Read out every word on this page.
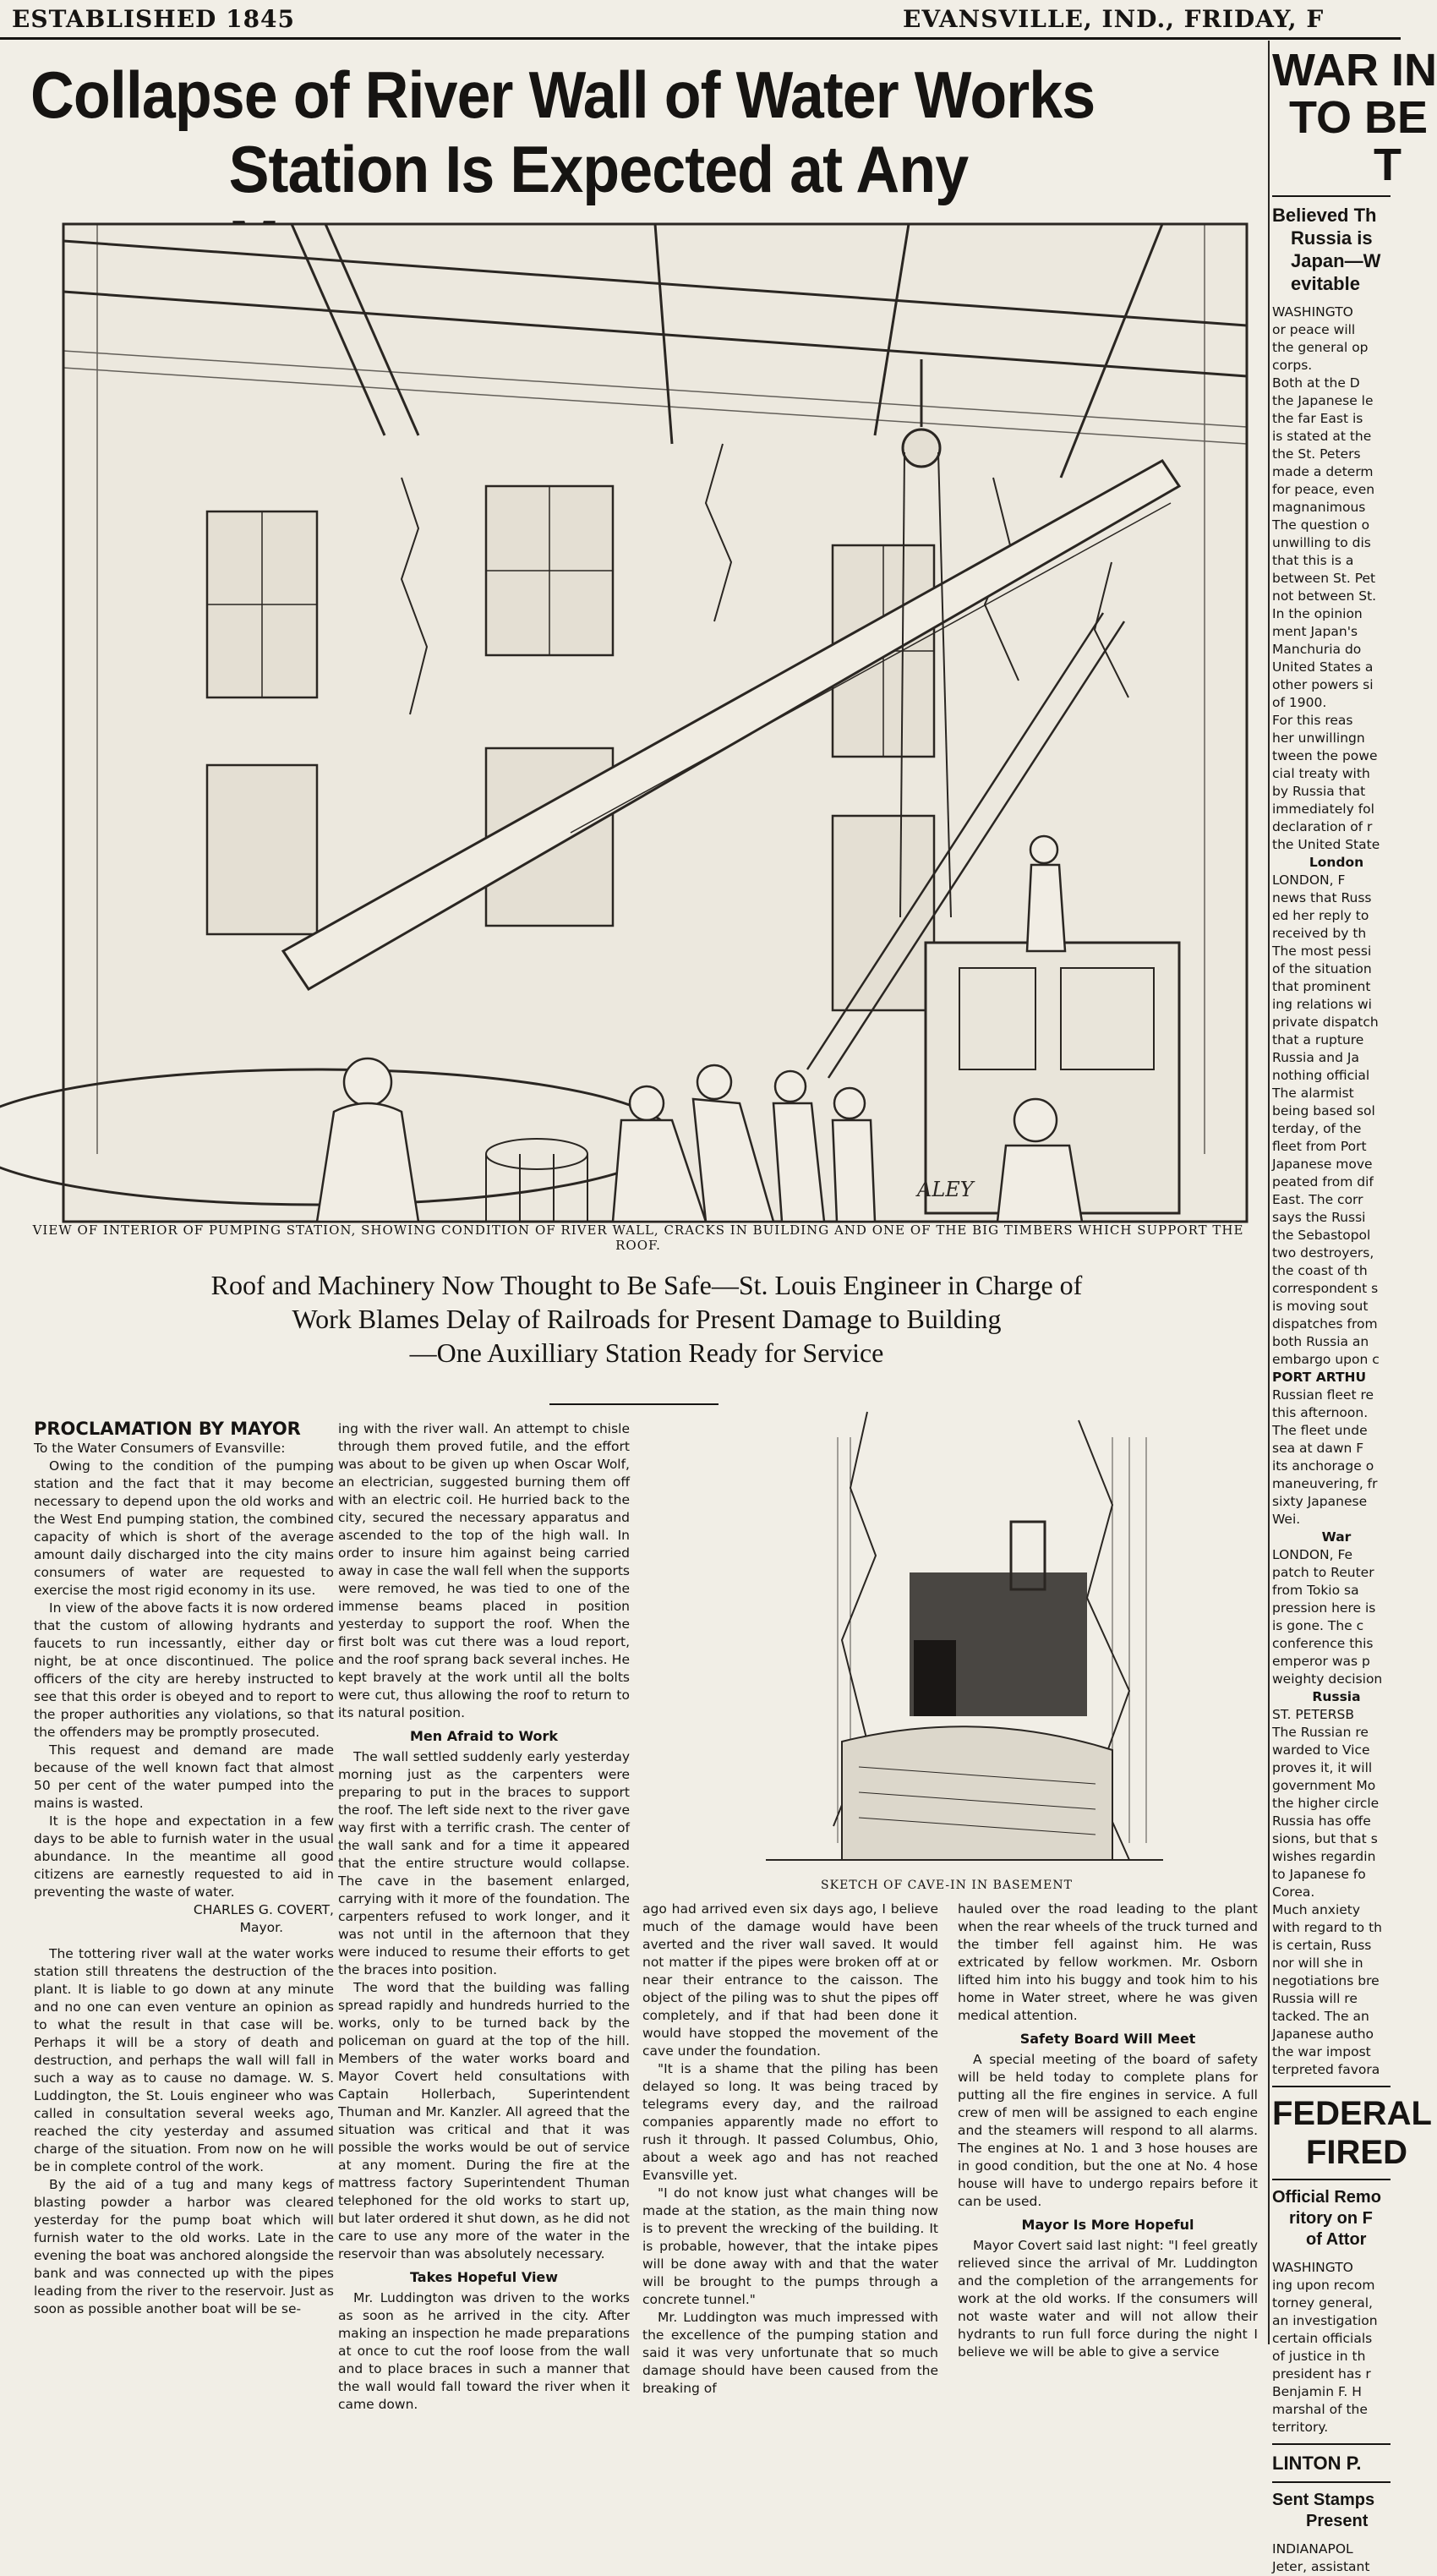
ESTABLISHED 1845	EVANSVILLE, IND., FRIDAY, F
Collapse of River Wall of Water Works
Station Is Expected at Any
ALEY
VIEW OF INTERIOR OF PUMPING STATION, SHOWING CONDITION OF RIVER WALL, CRACKS IN BUILDING AND ONE OF THE BIG TIMBERS WHICH SUPPORT THE ROOF.
Roof and Machinery Now Thought to Be Safe—St. Louis Engineer in Charge of
Work Blames Delay of Railroads for Present Damage to Building
—One Auxilliary Station Ready for Service
PROCLAMATION BY MAYOR

To the Water Consumers of Evansville:

Owing to the condition of the pumping station and the fact that it may become necessary to depend upon the old works and the West End pumping station, the combined capacity of which is short of the average amount daily discharged into the city mains consumers of water are requested to exercise the most rigid economy in its use.

In view of the above facts it is now ordered that the custom of allowing hydrants and faucets to run incessantly, either day or night, be at once discontinued. The police officers of the city are hereby instructed to see that this order is obeyed and to report to the proper authorities any violations, so that the offenders may be promptly prosecuted.

This request and demand are made because of the well known fact that almost 50 per cent of the water pumped into the mains is wasted.

It is the hope and expectation in a few days to be able to furnish water in the usual abundance. In the meantime all good citizens are earnestly requested to aid in preventing the waste of water.

CHARLES G. COVERT,

Mayor.

The tottering river wall at the water works station still threatens the destruction of the plant. It is liable to go down at any minute and no one can even venture an opinion as to what the result in that case will be. Perhaps it will be a story of death and destruction, and perhaps the wall will fall in such a way as to cause no damage. W. S. Luddington, the St. Louis engineer who was called in consultation several weeks ago, reached the city yesterday and assumed charge of the situation. From now on he will be in complete control of the work.

By the aid of a tug and many kegs of blasting powder a harbor was cleared yesterday for the pump boat which will furnish water to the old works. Late in the evening the boat was anchored alongside the bank and was connected up with the pipes leading from the river to the reservoir. Just as soon as possible another boat will be se-

ing with the river wall. An attempt to chisle through them proved futile, and the effort was about to be given up when Oscar Wolf, an electrician, suggested burning them off with an electric coil. He hurried back to the city, secured the necessary apparatus and ascended to the top of the high wall. In order to insure him against being carried away in case the wall fell when the supports were removed, he was tied to one of the immense beams placed in position yesterday to support the roof. When the first bolt was cut there was a loud report, and the roof sprang back several inches. He kept bravely at the work until all the bolts were cut, thus allowing the roof to return to its natural position.

Men Afraid to Work

The wall settled suddenly early yesterday morning just as the carpenters were preparing to put in the braces to support the roof. The left side next to the river gave way first with a terrific crash. The center of the wall sank and for a time it appeared that the entire structure would collapse. The cave in the basement enlarged, carrying with it more of the foundation. The carpenters refused to work longer, and it was not until in the afternoon that they were induced to resume their efforts to get the braces into position.

The word that the building was falling spread rapidly and hundreds hurried to the works, only to be turned back by the policeman on guard at the top of the hill. Members of the water works board and Mayor Covert held consultations with Captain Hollerbach, Superintendent Thuman and Mr. Kanzler. All agreed that the situation was critical and that it was possible the works would be out of service at any moment. During the fire at the mattress factory Superintendent Thuman telephoned for the old works to start up, but later ordered it shut down, as he did not care to use any more of the water in the reservoir than was absolutely necessary.

Takes Hopeful View

Mr. Luddington was driven to the works as soon as he arrived in the city. After making an inspection he made preparations at once to cut the roof loose from the wall and to place braces in such a manner that the wall would fall toward the river when it came down.

SKETCH OF CAVE-IN IN BASEMENT

ago had arrived even six days ago, I believe much of the damage would have been averted and the river wall saved. It would not matter if the pipes were broken off at or near their entrance to the caisson. The object of the piling was to shut the pipes off completely, and if that had been done it would have stopped the movement of the cave under the foundation.

"It is a shame that the piling has been delayed so long. It was being traced by telegrams every day, and the railroad companies apparently made no effort to rush it through. It passed Columbus, Ohio, about a week ago and has not reached Evansville yet.

"I do not know just what changes will be made at the station, as the main thing now is to prevent the wrecking of the building. It is probable, however, that the intake pipes will be done away with and that the water will be brought to the pumps through a concrete tunnel."

Mr. Luddington was much impressed with the excellence of the pumping station and said it was very unfortunate that so much damage should have been caused from the breaking of

hauled over the road leading to the plant when the rear wheels of the truck turned and the timber fell against him. He was extricated by fellow workmen. Mr. Osborn lifted him into his buggy and took him to his home in Water street, where he was given medical attention.

Safety Board Will Meet

A special meeting of the board of safety will be held today to complete plans for putting all the fire engines in service. A full crew of men will be assigned to each engine and the steamers will respond to all alarms. The engines at No. 1 and 3 hose houses are in good condition, but the one at No. 4 hose house will have to undergo repairs before it can be used.

Mayor Is More Hopeful

Mayor Covert said last night: "I feel greatly relieved since the arrival of Mr. Luddington and the completion of the arrangements for work at the old works. If the consumers will not waste water and will not allow their hydrants to run full force during the night I believe we will be able to give a service

WAR IN
TO BE
T
Believed Th
Russia is
Japan—W
evitable
WASHINGTO
or peace will
the general op
corps.
Both at the D
the Japanese le
the far East is
is stated at the
the St. Peters
made a determ
for peace, even
magnanimous
The question o
unwilling to dis
that this is a
between St. Pet
not between St.
In the opinion
ment Japan's
Manchuria do
United States a
other powers si
of 1900.
For this reas
her unwillingn
tween the powe
cial treaty with
by Russia that
immediately fol
declaration of r
the United State
London
LONDON, F
news that Russ
ed her reply to
received by th
The most pessi
of the situation
that prominent
ing relations wi
private dispatch
that a rupture
Russia and Ja
nothing official
The alarmist
being based sol
terday, of the
fleet from Port
Japanese move
peated from dif
East. The corr
says the Russi
the Sebastopol
two destroyers,
the coast of th
correspondent s
is moving sout
dispatches from
both Russia an
embargo upon c
PORT ARTHU
Russian fleet re
this afternoon.
The fleet unde
sea at dawn F
its anchorage o
maneuvering, fr
sixty Japanese
Wei.
War
LONDON, Fe
patch to Reuter
from Tokio sa
pression here is
is gone. The c
conference this
emperor was p
weighty decision
Russia
ST. PETERSB
The Russian re
warded to Vice
proves it, it will
government Mo
the higher circle
Russia has offe
sions, but that s
wishes regardin
to Japanese fo
Corea.
Much anxiety
with regard to th
is certain, Russ
nor will she in
negotiations bre
Russia will re
tacked. The an
Japanese autho
the war impost
terpreted favora
FEDERAL
FIRED
Official Remo
ritory on F
of Attor
WASHINGTO
ing upon recom
torney general,
an investigation
certain officials
of justice in th
president has r
Benjamin F. H
marshal of the
territory.
LINTON P.
Sent Stamps
Present
INDIANAPOL
Jeter, assistant
